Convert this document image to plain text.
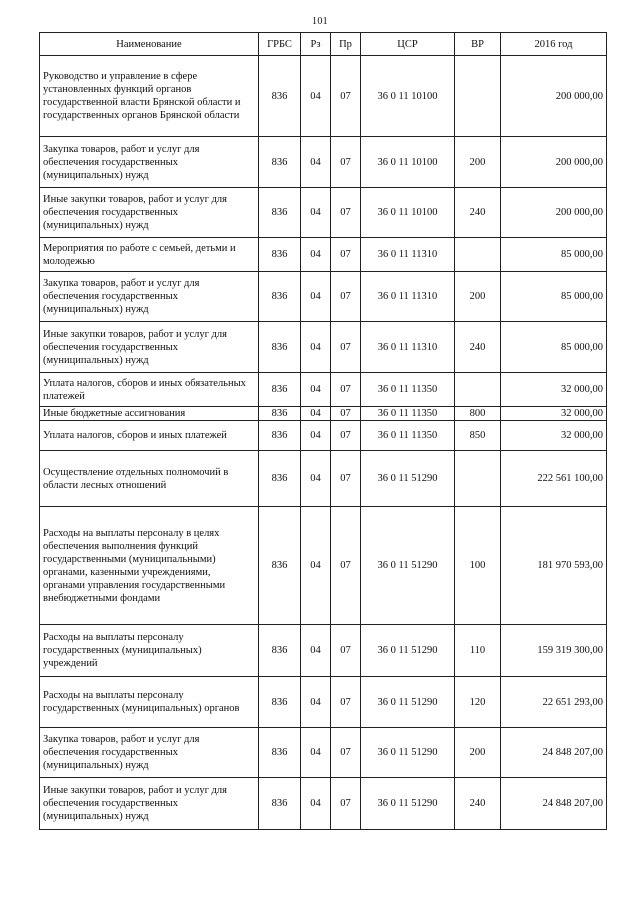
101
Наименование	ГРБС	Рз	Пр	ЦСР	ВР	2016 год
Руководство и управление в сфере установленных функций органов государственной власти Брянской области и государственных органов Брянской области	836	04	07	36 0 11 10100		200 000,00
Закупка товаров, работ и услуг для обеспечения государственных (муниципальных) нужд	836	04	07	36 0 11 10100	200	200 000,00
Иные закупки товаров, работ и услуг для обеспечения государственных (муниципальных) нужд	836	04	07	36 0 11 10100	240	200 000,00
Мероприятия по работе с семьей, детьми и молодежью	836	04	07	36 0 11 11310		85 000,00
Закупка товаров, работ и услуг для обеспечения государственных (муниципальных) нужд	836	04	07	36 0 11 11310	200	85 000,00
Иные закупки товаров, работ и услуг для обеспечения государственных (муниципальных) нужд	836	04	07	36 0 11 11310	240	85 000,00
Уплата налогов, сборов и иных обязательных платежей	836	04	07	36 0 11 11350		32 000,00
Иные бюджетные ассигнования	836	04	07	36 0 11 11350	800	32 000,00
Уплата налогов, сборов и иных платежей	836	04	07	36 0 11 11350	850	32 000,00
Осуществление отдельных полномочий в области лесных отношений	836	04	07	36 0 11 51290		222 561 100,00
Расходы на выплаты персоналу в целях обеспечения выполнения функций государственными (муниципальными) органами, казенными учреждениями, органами управления государственными внебюджетными фондами	836	04	07	36 0 11 51290	100	181 970 593,00
Расходы на выплаты персоналу государственных (муниципальных) учреждений	836	04	07	36 0 11 51290	110	159 319 300,00
Расходы на выплаты персоналу государственных (муниципальных) органов	836	04	07	36 0 11 51290	120	22 651 293,00
Закупка товаров, работ и услуг для обеспечения государственных (муниципальных) нужд	836	04	07	36 0 11 51290	200	24 848 207,00
Иные закупки товаров, работ и услуг для обеспечения государственных (муниципальных) нужд	836	04	07	36 0 11 51290	240	24 848 207,00
